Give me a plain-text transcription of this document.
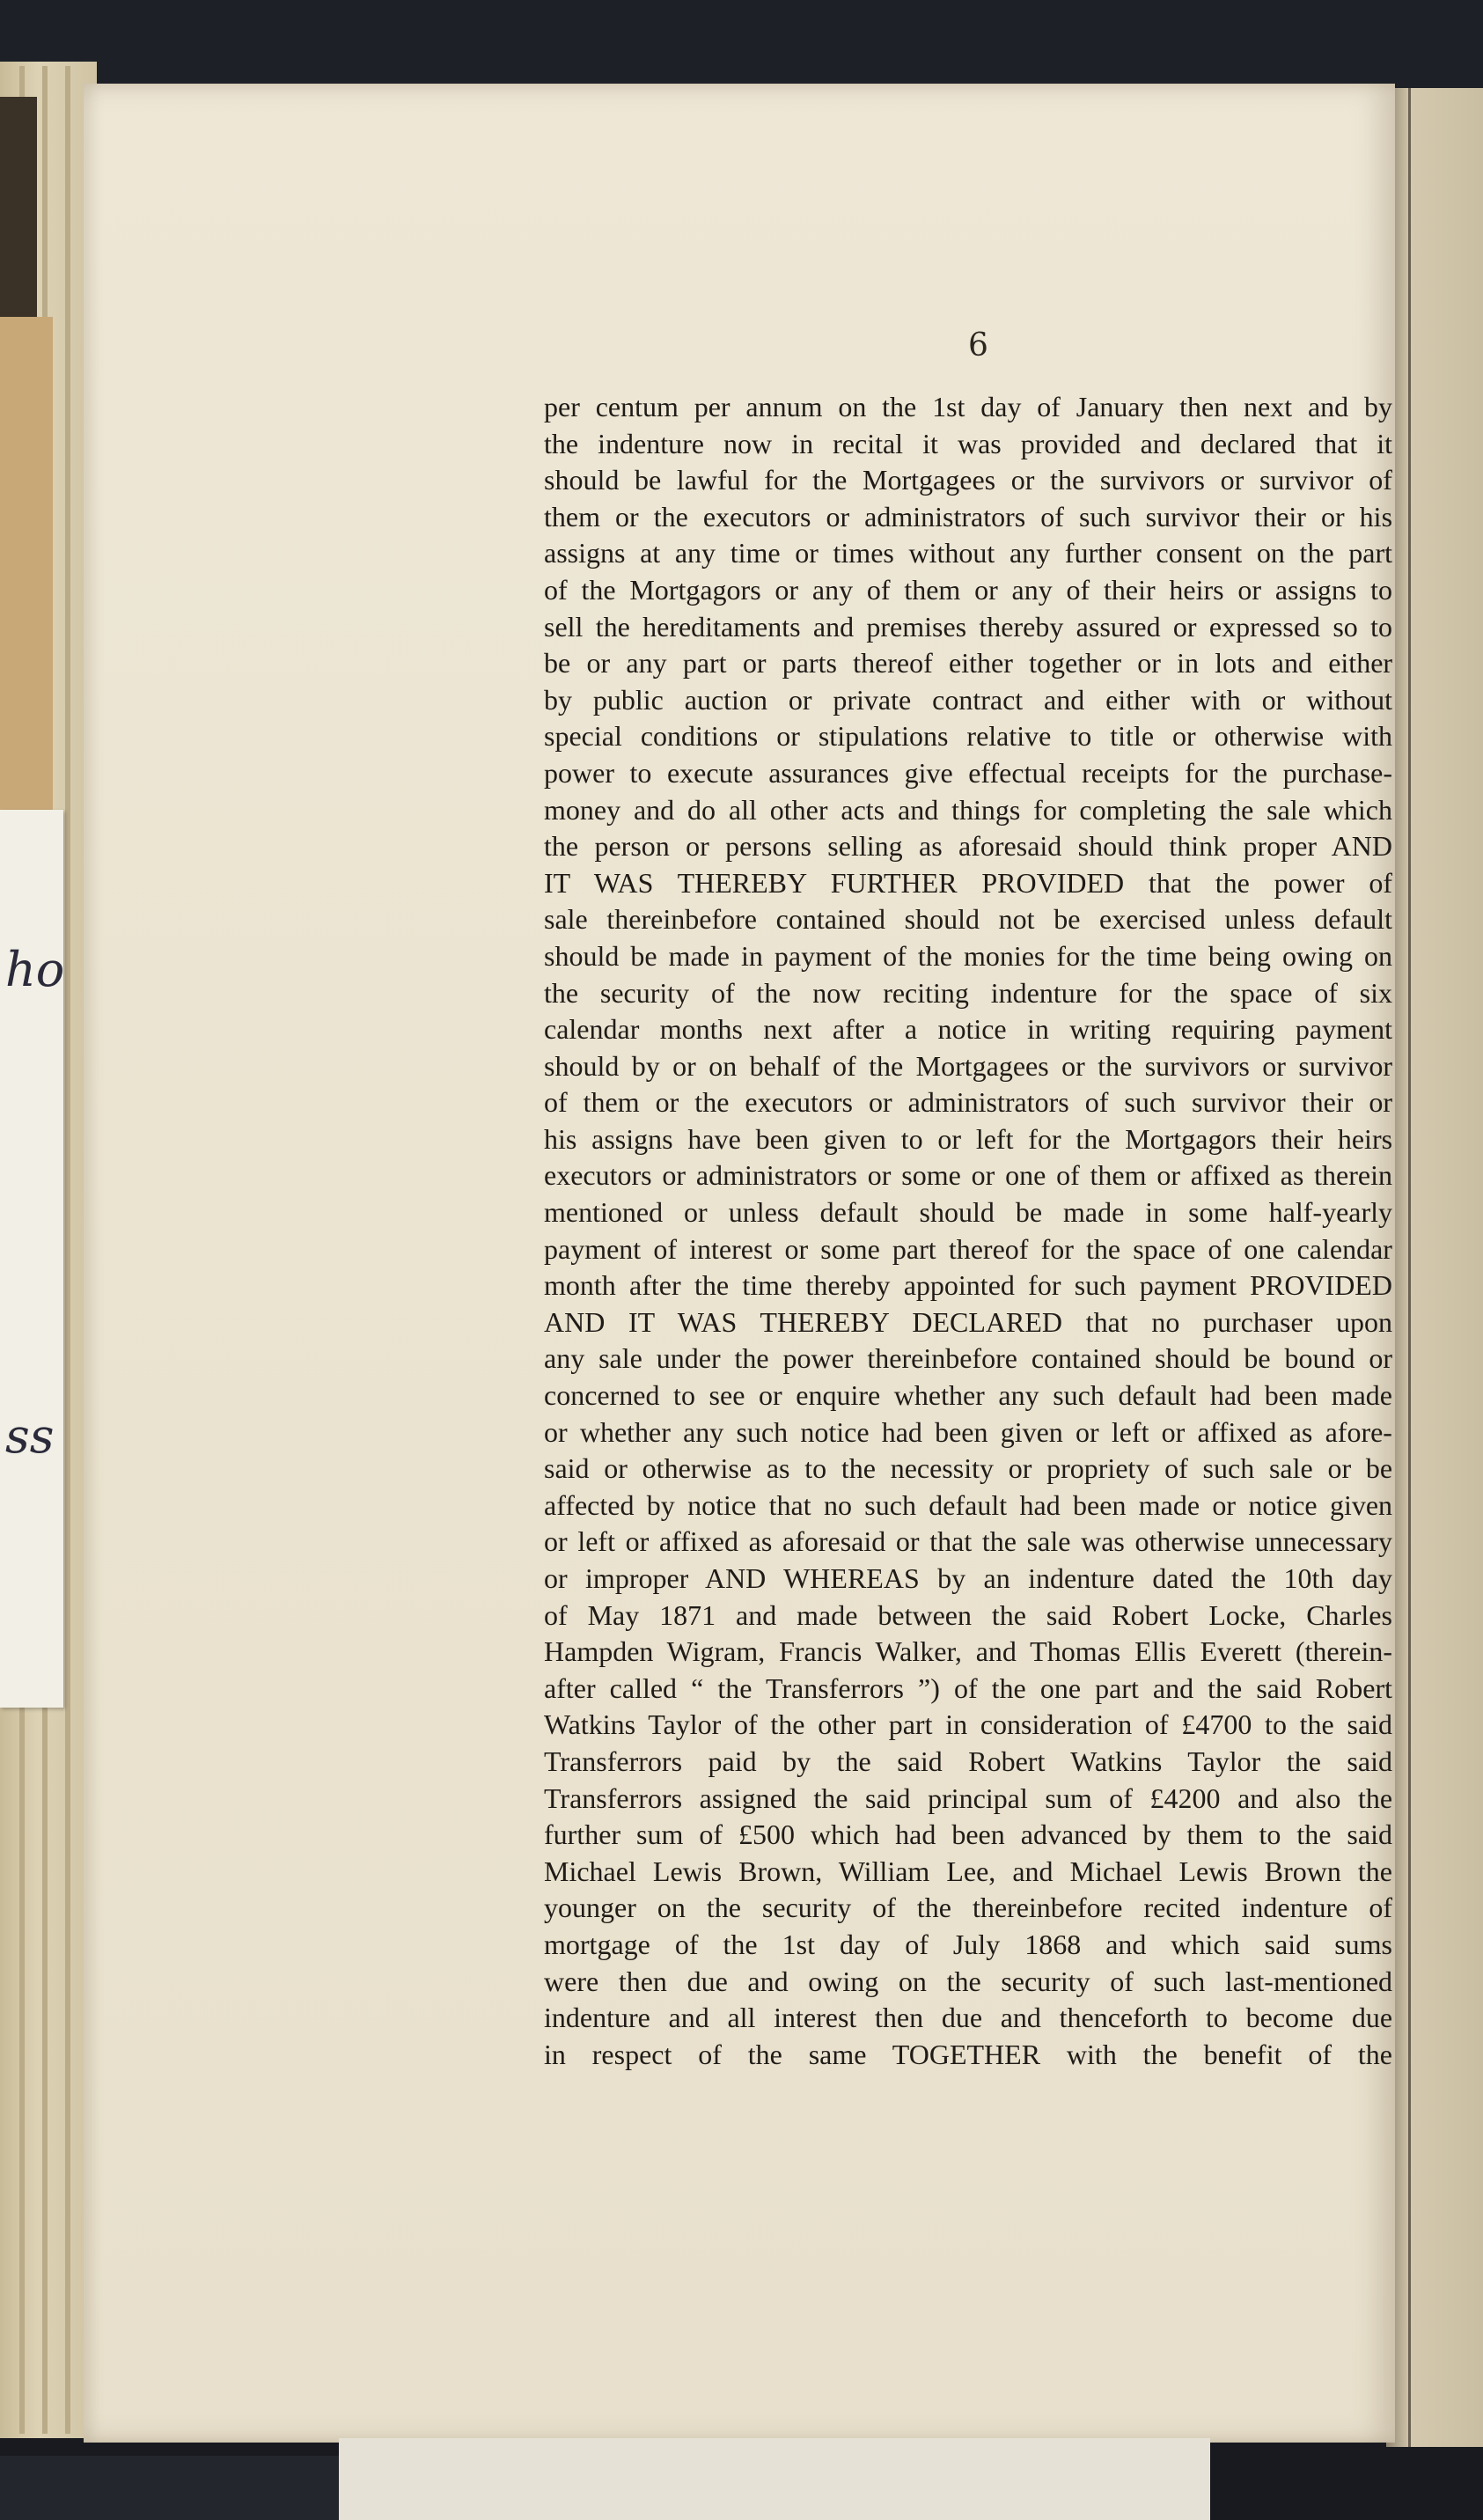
ho
ss
6
per centum per annum on the 1st day of January then next and by
the indenture now in recital it was provided and declared that it
should be lawful for the Mortgagees or the survivors or survivor of
them or the executors or administrators of such survivor their or his
assigns at any time or times without any further consent on the part
of the Mortgagors or any of them or any of their heirs or assigns to
sell the hereditaments and premises thereby assured or expressed so to
be or any part or parts thereof either together or in lots and either
by public auction or private contract and either with or without
special conditions or stipulations relative to title or otherwise with
power to execute assurances give effectual receipts for the purchase-
money and do all other acts and things for completing the sale which
the person or persons selling as aforesaid should think proper AND
IT WAS THEREBY FURTHER PROVIDED that the power of
sale thereinbefore contained should not be exercised unless default
should be made in payment of the monies for the time being owing on
the security of the now reciting indenture for the space of six
calendar months next after a notice in writing requiring payment
should by or on behalf of the Mortgagees or the survivors or survivor
of them or the executors or administrators of such survivor their or
his assigns have been given to or left for the Mortgagors their heirs
executors or administrators or some or one of them or affixed as therein
mentioned or unless default should be made in some half-yearly
payment of interest or some part thereof for the space of one calendar
month after the time thereby appointed for such payment PROVIDED
AND IT WAS THEREBY DECLARED that no purchaser upon
any sale under the power thereinbefore contained should be bound or
concerned to see or enquire whether any such default had been made
or whether any such notice had been given or left or affixed as afore-
said or otherwise as to the necessity or propriety of such sale or be
affected by notice that no such default had been made or notice given
or left or affixed as aforesaid or that the sale was otherwise unnecessary
or improper AND WHEREAS by an indenture dated the 10th day
of May 1871 and made between the said Robert Locke, Charles
Hampden Wigram, Francis Walker, and Thomas Ellis Everett (therein-
after called “ the Transferrors ”) of the one part and the said Robert
Watkins Taylor of the other part in consideration of £4700 to the said
Transferrors paid by the said Robert Watkins Taylor the said
Transferrors assigned the said principal sum of £4200 and also the
further sum of £500 which had been advanced by them to the said
Michael Lewis Brown, William Lee, and Michael Lewis Brown the
younger on the security of the thereinbefore recited indenture of
mortgage of the 1st day of July 1868 and which said sums
were then due and owing on the security of such last-mentioned
indenture and all interest then due and thenceforth to become due
in respect of the same TOGETHER with the benefit of the
